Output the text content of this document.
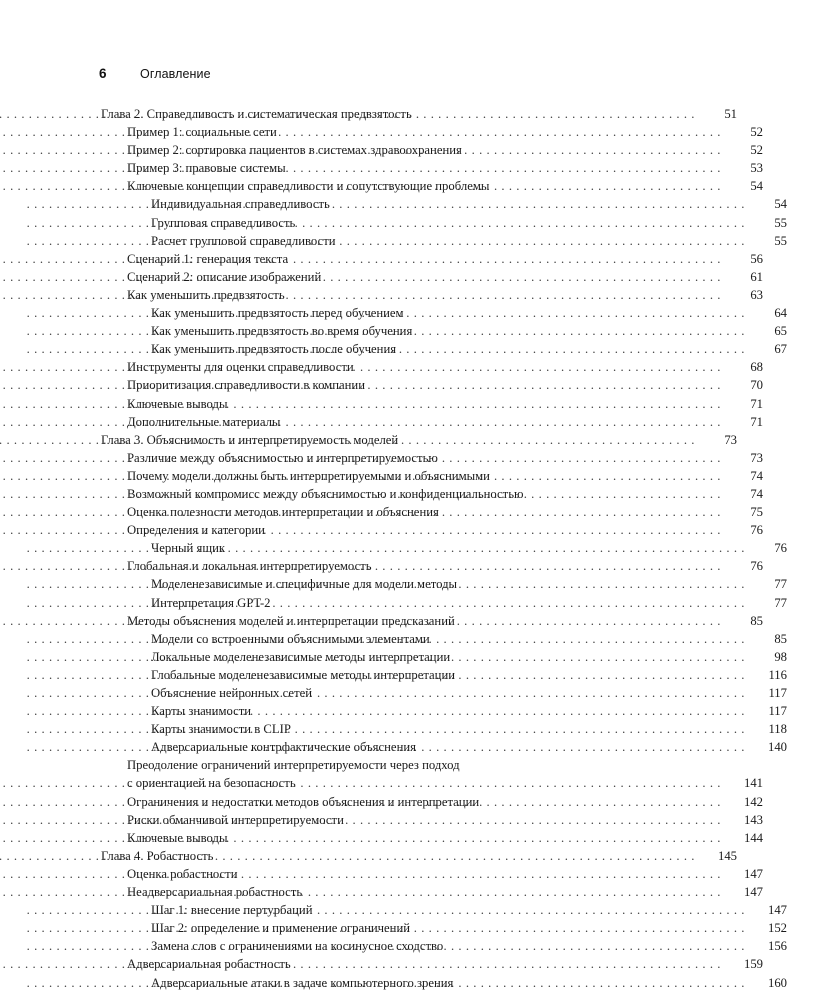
6	Оглавление
Глава 2. Справедливость и систематическая предвзятость . . .	51
Пример 1: социальные сети . . .	52
Пример 2: сортировка пациентов в системах здравоохранения . . .	52
Пример 3: правовые системы . . .	53
Ключевые концепции справедливости и сопутствующие проблемы . . .	54
Индивидуальная справедливость . . .	54
Групповая справедливость . . .	55
Расчет групповой справедливости . . .	55
Сценарий 1: генерация текста . . .	56
Сценарий 2: описание изображений . . .	61
Как уменьшить предвзятость . . .	63
Как уменьшить предвзятость перед обучением . . .	64
Как уменьшить предвзятость во время обучения . . .	65
Как уменьшить предвзятость после обучения . . .	67
Инструменты для оценки справедливости . . .	68
Приоритизация справедливости в компании . . .	70
Ключевые выводы . . .	71
Дополнительные материалы . . .	71
Глава 3. Объяснимость и интерпретируемость моделей . . .	73
Различие между объяснимостью и интерпретируемостью . . .	73
Почему модели должны быть интерпретируемыми и объяснимыми . . .	74
Возможный компромисс между объяснимостью и конфиденциальностью . . .	74
Оценка полезности методов интерпретации и объяснения . . .	75
Определения и категории . . .	76
Черный ящик . . .	76
Глобальная и локальная интерпретируемость . . .	76
Моделенезависимые и специфичные для модели методы . . .	77
Интерпретация GPT-2 . . .	77
Методы объяснения моделей и интерпретации предсказаний . . .	85
Модели со встроенными объяснимыми элементами . . .	85
Локальные моделенезависимые методы интерпретации . . .	98
Глобальные моделенезависимые методы интерпретации . . .	116
Объяснение нейронных сетей . . .	117
Карты значимости . . .	117
Карты значимости в CLIP . . .	118
Адверсариальные контрфактические объяснения . . .	140
Преодоление ограничений интерпретируемости через подход
с ориентацией на безопасность . . .	141
Ограничения и недостатки методов объяснения и интерпретации . . .	142
Риски обманчивой интерпретируемости . . .	143
Ключевые выводы . . .	144
Глава 4. Робастность . . .	145
Оценка робастности . . .	147
Неадверсариальная робастность . . .	147
Шаг 1: внесение пертурбаций . . .	147
Шаг 2: определение и применение ограничений . . .	152
Замена слов с ограничениями на косинусное сходство . . .	156
Адверсариальная робастность . . .	159
Адверсариальные атаки в задаче компьютерного зрения . . .	160
